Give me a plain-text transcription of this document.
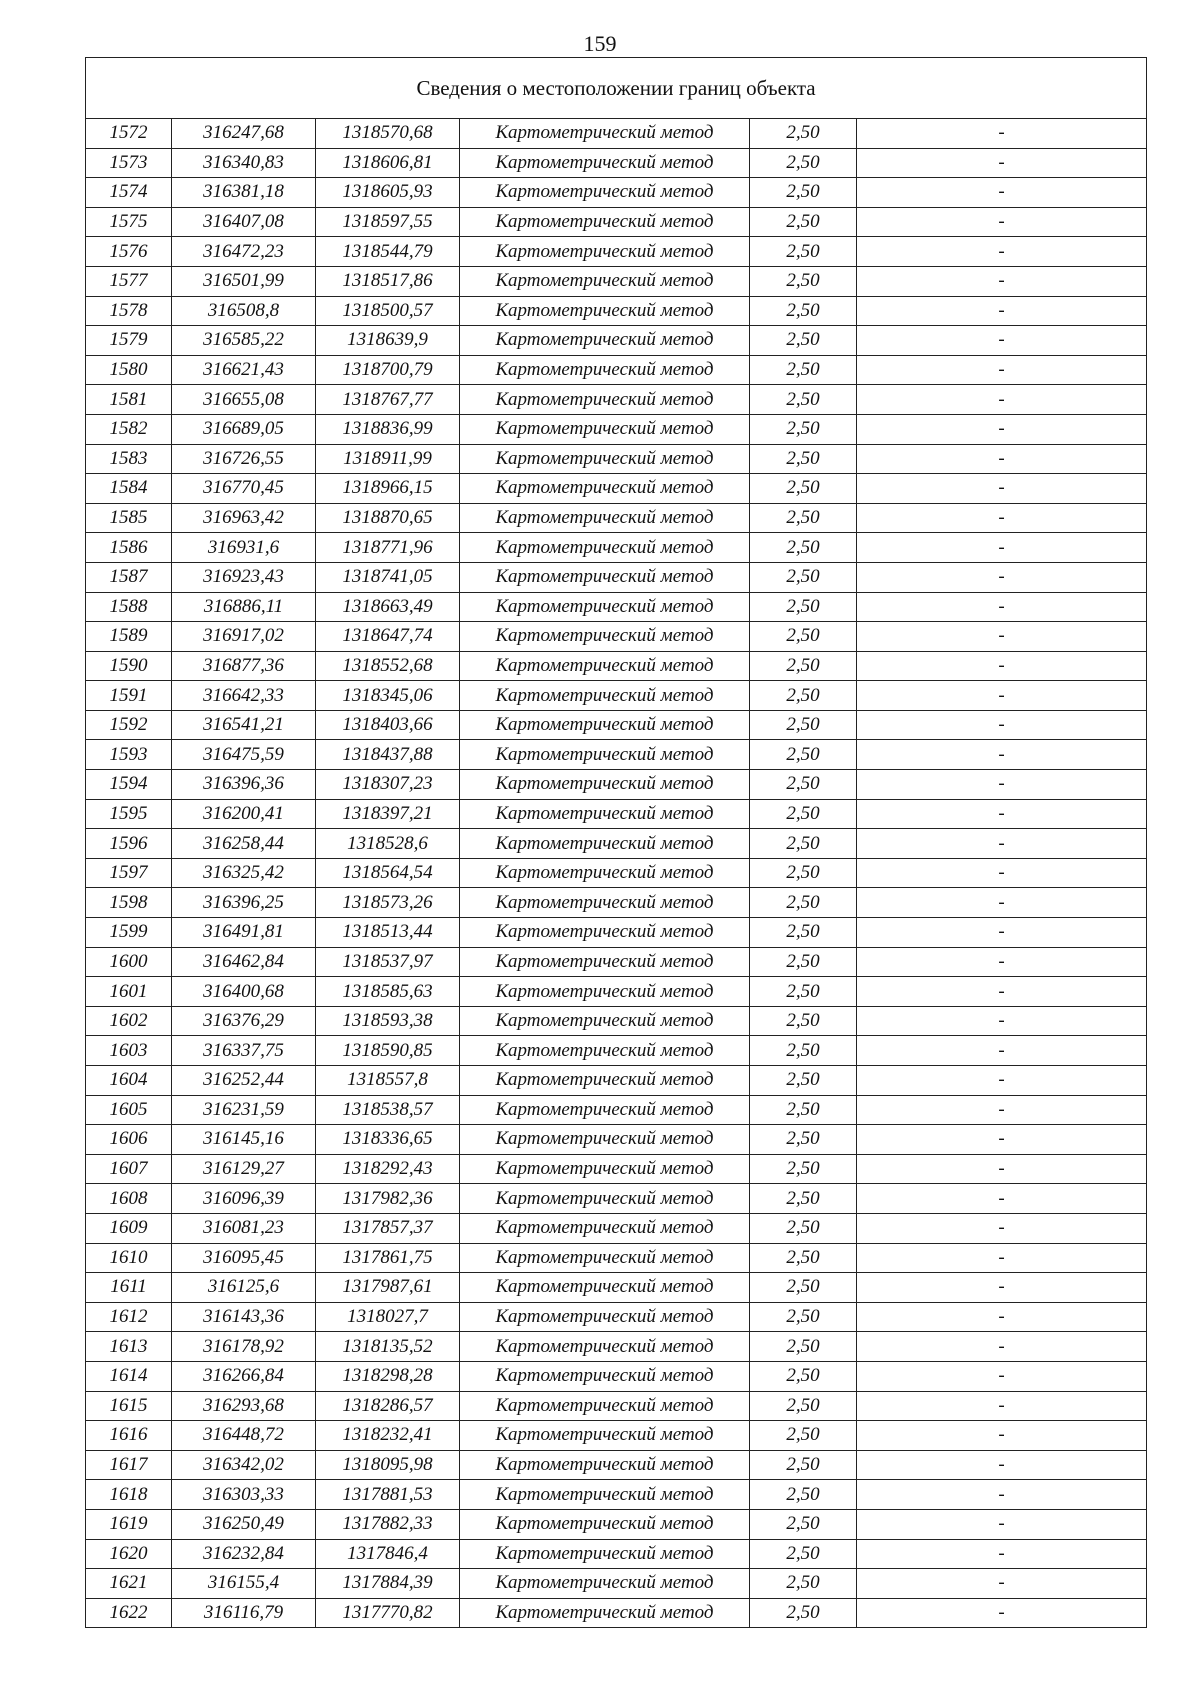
159
Сведения о местоположении границ объекта					
1572	316247,68	1318570,68	Картометрический метод	2,50	-
1573	316340,83	1318606,81	Картометрический метод	2,50	-
1574	316381,18	1318605,93	Картометрический метод	2,50	-
1575	316407,08	1318597,55	Картометрический метод	2,50	-
1576	316472,23	1318544,79	Картометрический метод	2,50	-
1577	316501,99	1318517,86	Картометрический метод	2,50	-
1578	316508,8	1318500,57	Картометрический метод	2,50	-
1579	316585,22	1318639,9	Картометрический метод	2,50	-
1580	316621,43	1318700,79	Картометрический метод	2,50	-
1581	316655,08	1318767,77	Картометрический метод	2,50	-
1582	316689,05	1318836,99	Картометрический метод	2,50	-
1583	316726,55	1318911,99	Картометрический метод	2,50	-
1584	316770,45	1318966,15	Картометрический метод	2,50	-
1585	316963,42	1318870,65	Картометрический метод	2,50	-
1586	316931,6	1318771,96	Картометрический метод	2,50	-
1587	316923,43	1318741,05	Картометрический метод	2,50	-
1588	316886,11	1318663,49	Картометрический метод	2,50	-
1589	316917,02	1318647,74	Картометрический метод	2,50	-
1590	316877,36	1318552,68	Картометрический метод	2,50	-
1591	316642,33	1318345,06	Картометрический метод	2,50	-
1592	316541,21	1318403,66	Картометрический метод	2,50	-
1593	316475,59	1318437,88	Картометрический метод	2,50	-
1594	316396,36	1318307,23	Картометрический метод	2,50	-
1595	316200,41	1318397,21	Картометрический метод	2,50	-
1596	316258,44	1318528,6	Картометрический метод	2,50	-
1597	316325,42	1318564,54	Картометрический метод	2,50	-
1598	316396,25	1318573,26	Картометрический метод	2,50	-
1599	316491,81	1318513,44	Картометрический метод	2,50	-
1600	316462,84	1318537,97	Картометрический метод	2,50	-
1601	316400,68	1318585,63	Картометрический метод	2,50	-
1602	316376,29	1318593,38	Картометрический метод	2,50	-
1603	316337,75	1318590,85	Картометрический метод	2,50	-
1604	316252,44	1318557,8	Картометрический метод	2,50	-
1605	316231,59	1318538,57	Картометрический метод	2,50	-
1606	316145,16	1318336,65	Картометрический метод	2,50	-
1607	316129,27	1318292,43	Картометрический метод	2,50	-
1608	316096,39	1317982,36	Картометрический метод	2,50	-
1609	316081,23	1317857,37	Картометрический метод	2,50	-
1610	316095,45	1317861,75	Картометрический метод	2,50	-
1611	316125,6	1317987,61	Картометрический метод	2,50	-
1612	316143,36	1318027,7	Картометрический метод	2,50	-
1613	316178,92	1318135,52	Картометрический метод	2,50	-
1614	316266,84	1318298,28	Картометрический метод	2,50	-
1615	316293,68	1318286,57	Картометрический метод	2,50	-
1616	316448,72	1318232,41	Картометрический метод	2,50	-
1617	316342,02	1318095,98	Картометрический метод	2,50	-
1618	316303,33	1317881,53	Картометрический метод	2,50	-
1619	316250,49	1317882,33	Картометрический метод	2,50	-
1620	316232,84	1317846,4	Картометрический метод	2,50	-
1621	316155,4	1317884,39	Картометрический метод	2,50	-
1622	316116,79	1317770,82	Картометрический метод	2,50	-
